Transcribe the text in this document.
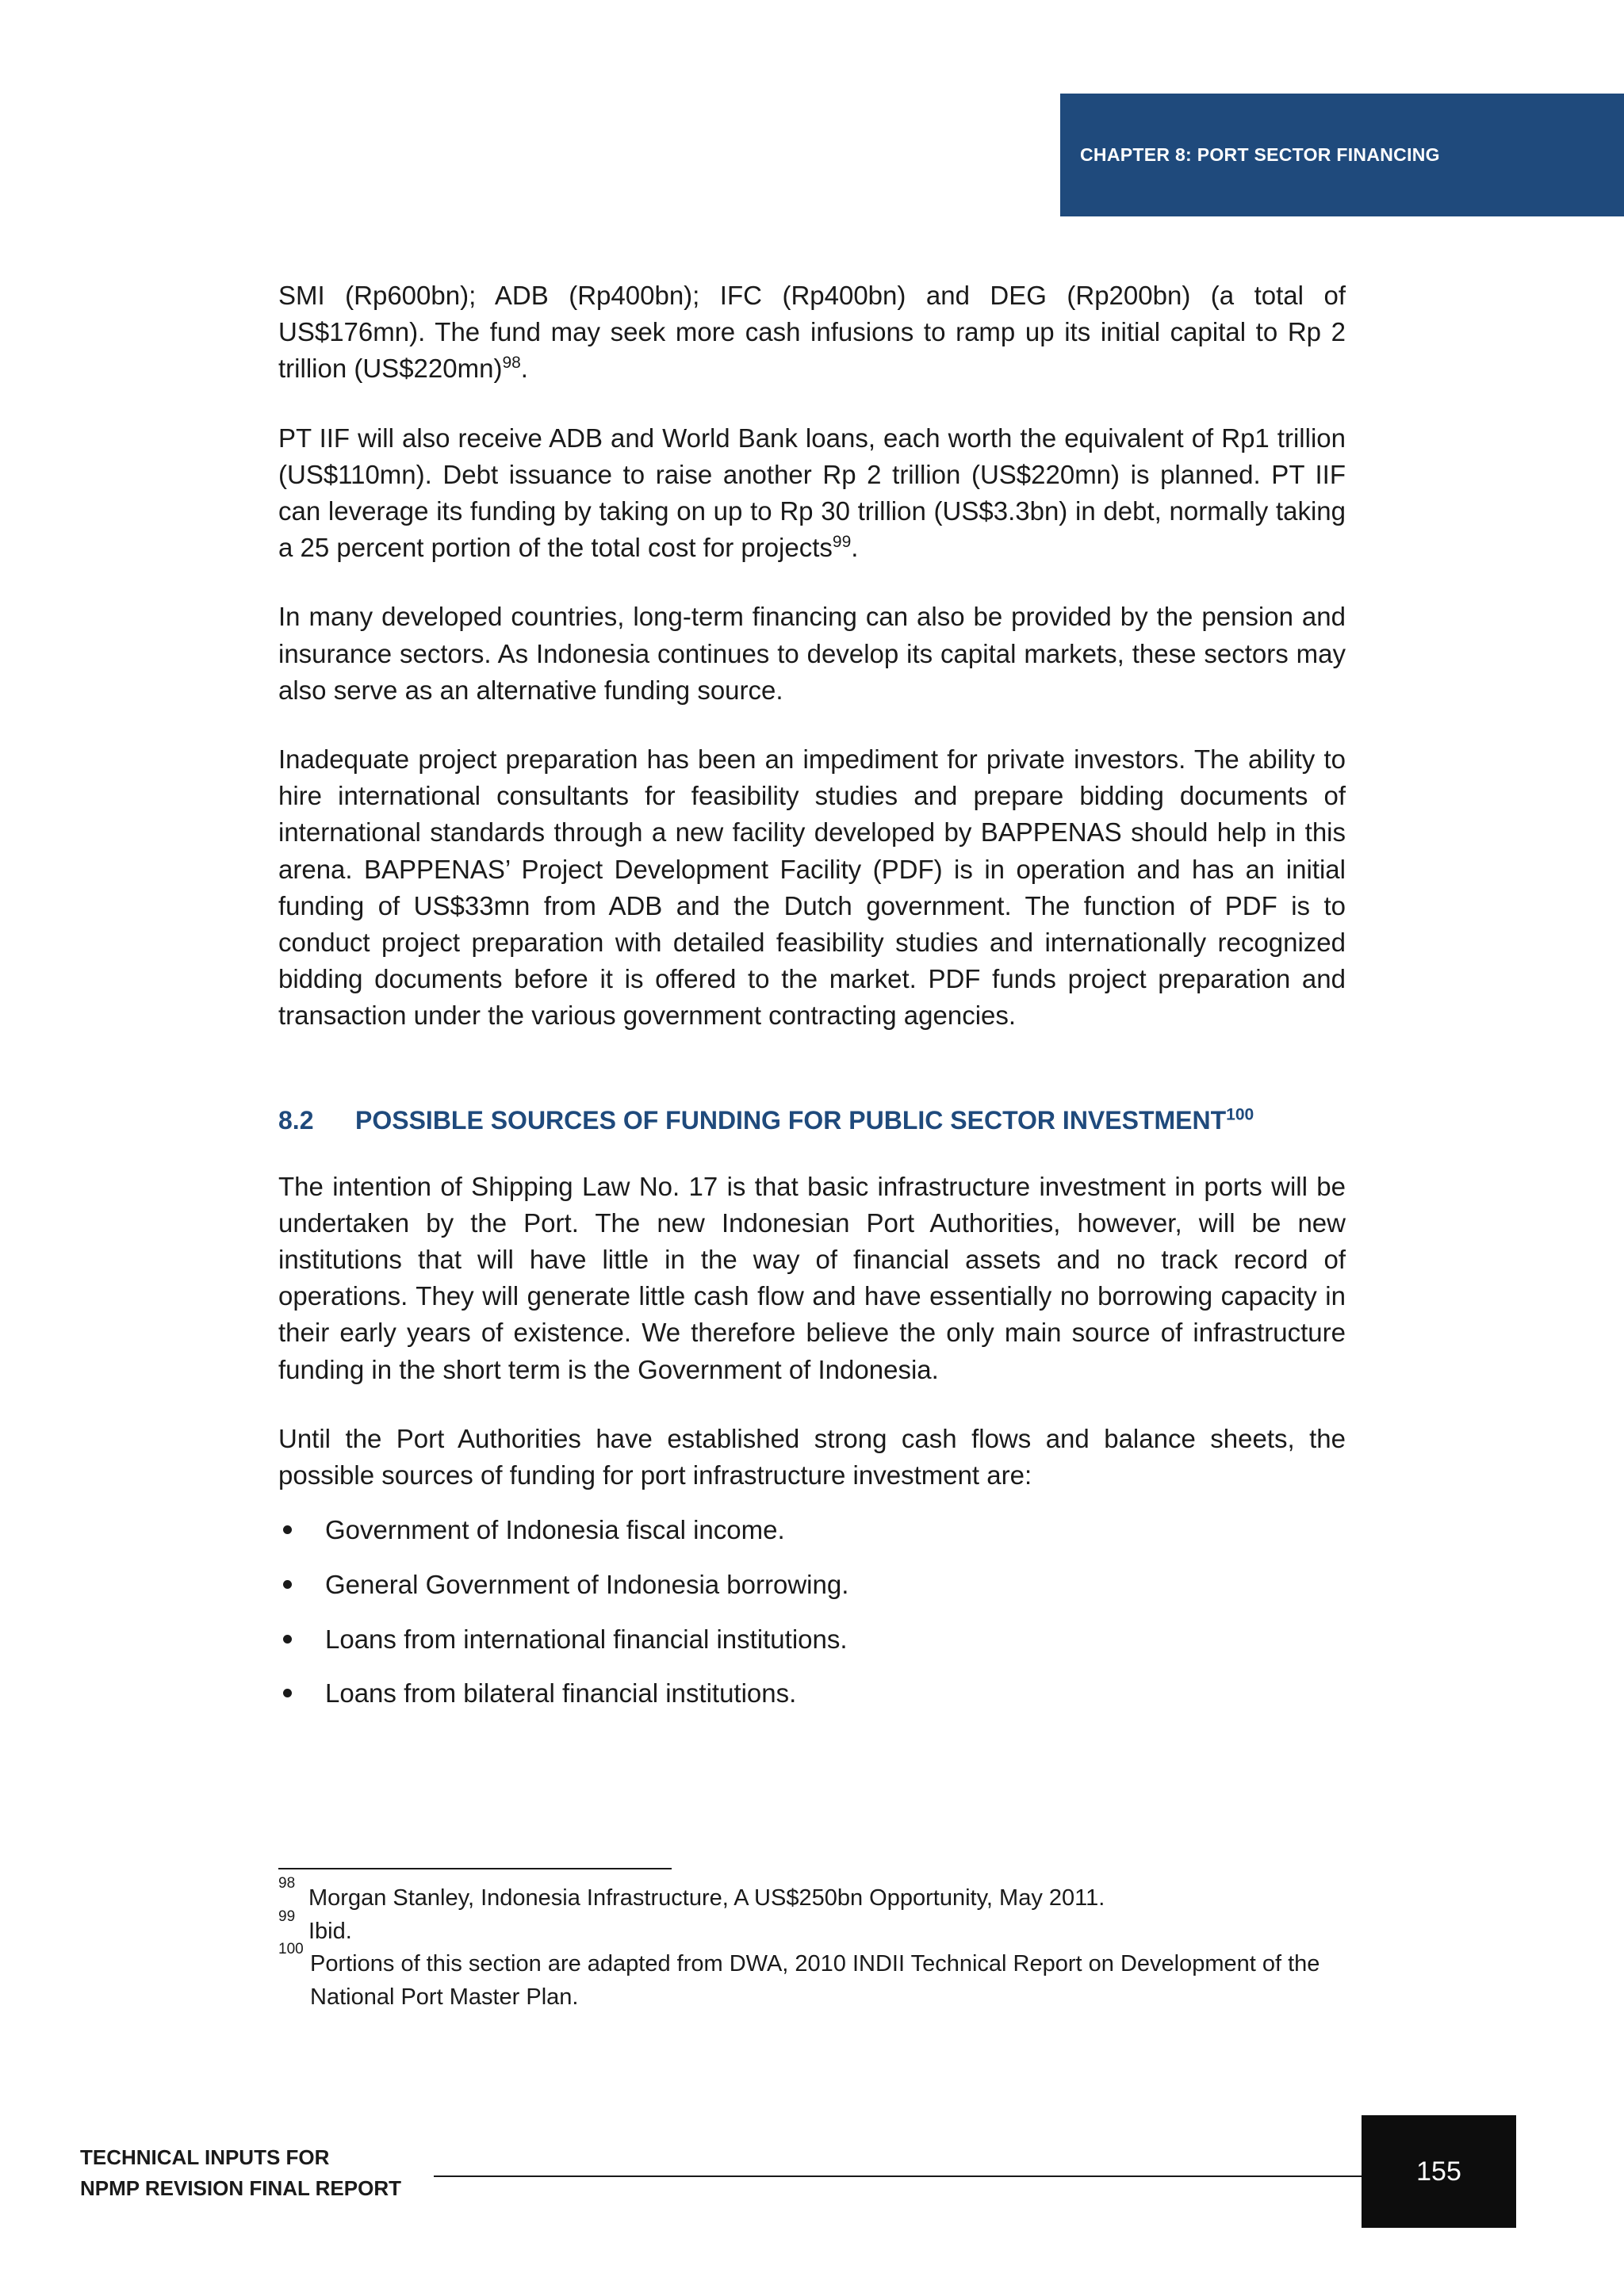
CHAPTER 8: PORT SECTOR FINANCING

SMI (Rp600bn); ADB (Rp400bn); IFC (Rp400bn) and DEG (Rp200bn) (a total of US$176mn). The fund may seek more cash infusions to ramp up its initial capital to Rp 2 trillion (US$220mn)$^{98}$.

PT IIF will also receive ADB and World Bank loans, each worth the equivalent of Rp1 trillion (US$110mn). Debt issuance to raise another Rp 2 trillion (US$220mn) is planned. PT IIF can leverage its funding by taking on up to Rp 30 trillion (US$3.3bn) in debt, normally taking a 25 percent portion of the total cost for projects$^{99}$.

In many developed countries, long-term financing can also be provided by the pension and insurance sectors. As Indonesia continues to develop its capital markets, these sectors may also serve as an alternative funding source.

Inadequate project preparation has been an impediment for private investors. The ability to hire international consultants for feasibility studies and prepare bidding documents of international standards through a new facility developed by BAPPENAS should help in this arena. BAPPENAS’ Project Development Facility (PDF) is in operation and has an initial funding of US$33mn from ADB and the Dutch government. The function of PDF is to conduct project preparation with detailed feasibility studies and internationally recognized bidding documents before it is offered to the market. PDF funds project preparation and transaction under the various government contracting agencies.

8.2 POSSIBLE SOURCES OF FUNDING FOR PUBLIC SECTOR INVESTMENT$^{100}$

The intention of Shipping Law No. 17 is that basic infrastructure investment in ports will be undertaken by the Port. The new Indonesian Port Authorities, however, will be new institutions that will have little in the way of financial assets and no track record of operations. They will generate little cash flow and have essentially no borrowing capacity in their early years of existence. We therefore believe the only main source of infrastructure funding in the short term is the Government of Indonesia.

Until the Port Authorities have established strong cash flows and balance sheets, the possible sources of funding for port infrastructure investment are:

Government of Indonesia fiscal income.
General Government of Indonesia borrowing.
Loans from international financial institutions.
Loans from bilateral financial institutions.
98
Morgan Stanley, Indonesia Infrastructure, A US$250bn Opportunity, May 2011.
99
Ibid.
100
Portions of this section are adapted from DWA, 2010 INDII Technical Report on Development of the National Port Master Plan.
TECHNICAL INPUTS FOR
NPMP REVISION FINAL REPORT
155
